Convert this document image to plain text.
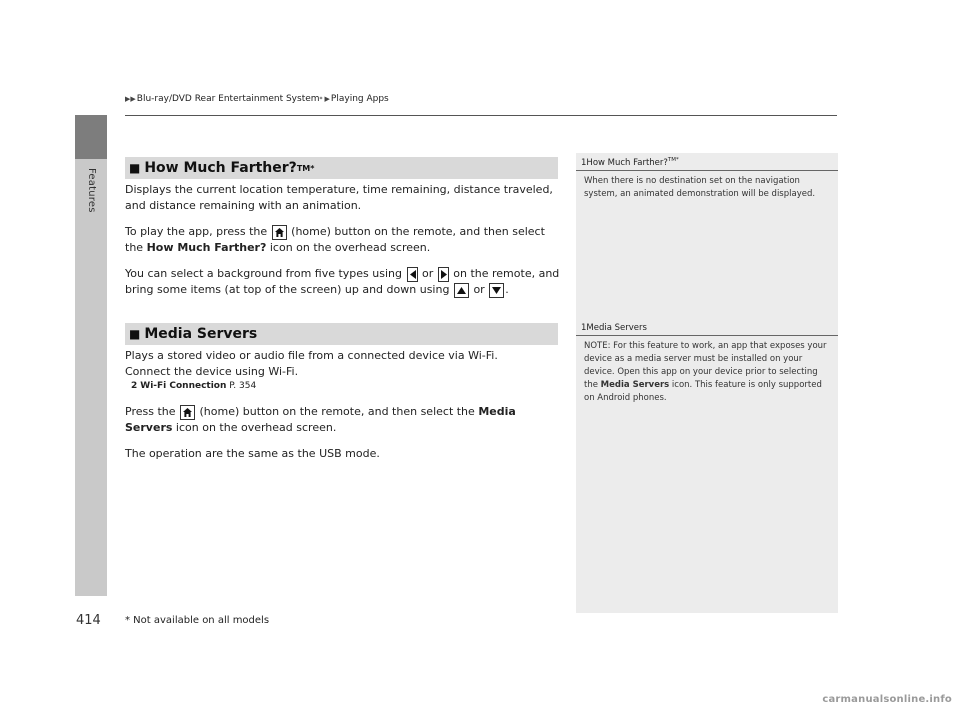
Features
▶▶ Blu-ray/DVD Rear Entertainment System * ▶ Playing Apps
■ How Much Farther? TM*

Displays the current location temperature, time remaining, distance traveled, and distance remaining with an animation.

To play the app, press the (home) button on the remote, and then select the How Much Farther? icon on the overhead screen.

You can select a background from five types using or on the remote, and bring some items (at top of the screen) up and down using or .

■ Media Servers
Plays a stored video or audio file from a connected device via Wi-Fi.
Connect the device using Wi-Fi.
2 Wi-Fi Connection P. 354

Press the (home) button on the remote, and then select the Media Servers icon on the overhead screen.

The operation are the same as the USB mode.

1How Much Farther?$^{TM*}$
When there is no destination set on the navigation system, an animated demonstration will be displayed.
1Media Servers
NOTE: For this feature to work, an app that exposes your device as a media server must be installed on your device. Open this app on your device prior to selecting the Media Servers icon. This feature is only supported on Android phones.
414 * Not available on all models
carmanualsonline.info
